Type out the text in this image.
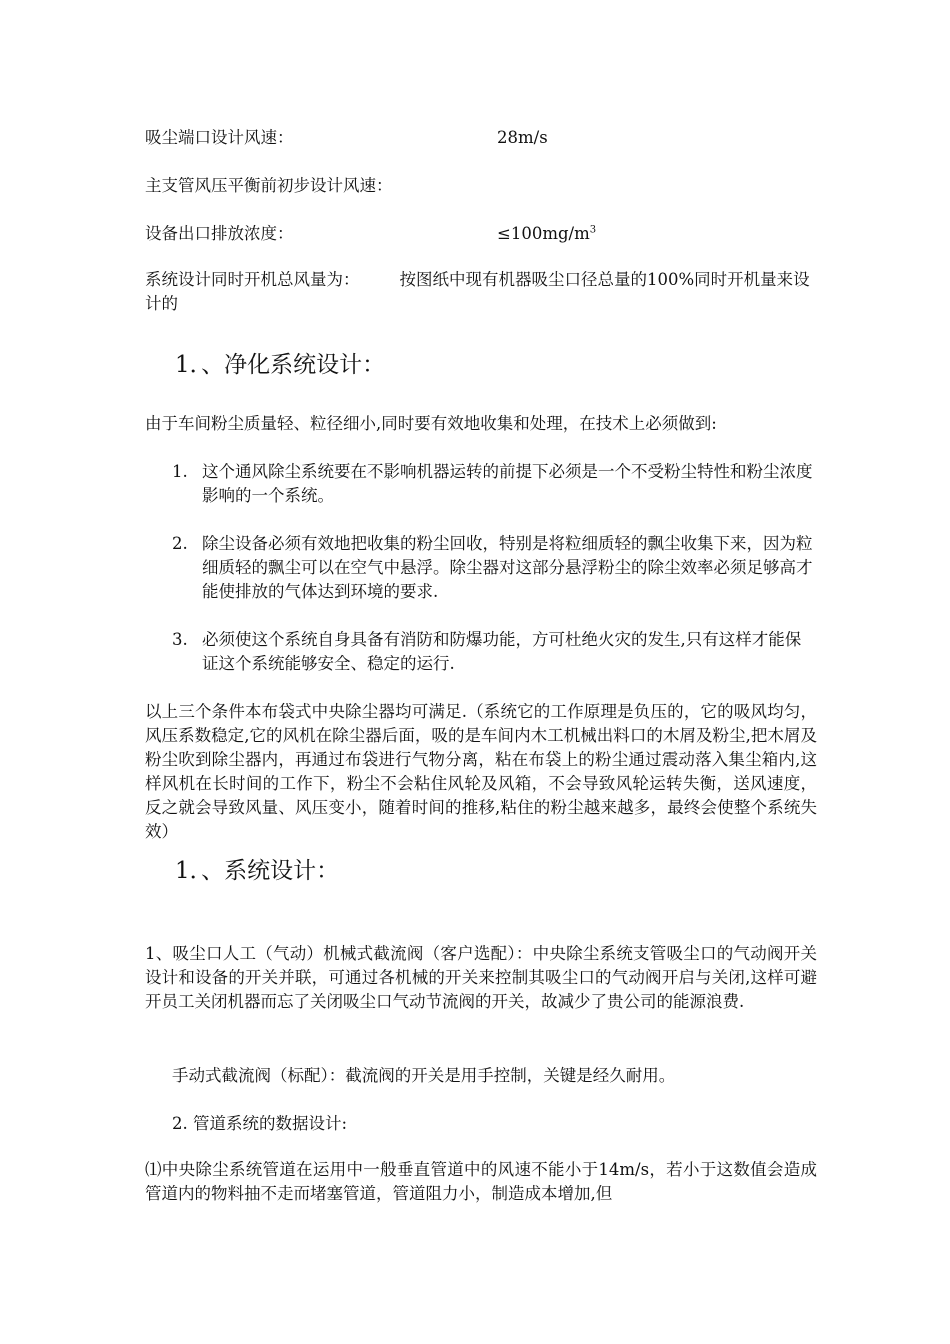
吸尘端口设计风速：	28m/s
主支管风压平衡前初步设计风速：
设备出口排放浓度：	$\le 100mg/m^3$
系统设计同时开机总风量为： 按图纸中现有机器吸尘口径总量的100%同时开机量来设计的
1．、净化系统设计：
由于车间粉尘质量轻、粒径细小,同时要有效地收集和处理，在技术上必须做到:
1. 这个通风除尘系统要在不影响机器运转的前提下必须是一个不受粉尘特性和粉尘浓度影响的一个系统。
2. 除尘设备必须有效地把收集的粉尘回收，特别是将粒细质轻的飘尘收集下来，因为粒细质轻的飘尘可以在空气中悬浮。除尘器对这部分悬浮粉尘的除尘效率必须足够高才能使排放的气体达到环境的要求.
3. 必须使这个系统自身具备有消防和防爆功能，方可杜绝火灾的发生,只有这样才能保证这个系统能够安全、稳定的运行.
以上三个条件本布袋式中央除尘器均可满足.（系统它的工作原理是负压的，它的吸风均匀，风压系数稳定,它的风机在除尘器后面，吸的是车间内木工机械出料口的木屑及粉尘,把木屑及粉尘吹到除尘器内，再通过布袋进行气物分离，粘在布袋上的粉尘通过震动落入集尘箱内,这样风机在长时间的工作下，粉尘不会粘住风轮及风箱，不会导致风轮运转失衡，送风速度，反之就会导致风量、风压变小，随着时间的推移,粘住的粉尘越来越多，最终会使整个系统失效）
1．、系统设计：
1、吸尘口人工（气动）机械式截流阀（客户选配）：中央除尘系统支管吸尘口的气动阀开关设计和设备的开关并联，可通过各机械的开关来控制其吸尘口的气动阀开启与关闭,这样可避开员工关闭机器而忘了关闭吸尘口气动节流阀的开关，故减少了贵公司的能源浪费.
手动式截流阀（标配）：截流阀的开关是用手控制，关键是经久耐用。
2. 管道系统的数据设计:
⑴中央除尘系统管道在运用中一般垂直管道中的风速不能小于14m/s，若小于这数值会造成管道内的物料抽不走而堵塞管道，管道阻力小，制造成本增加,但
